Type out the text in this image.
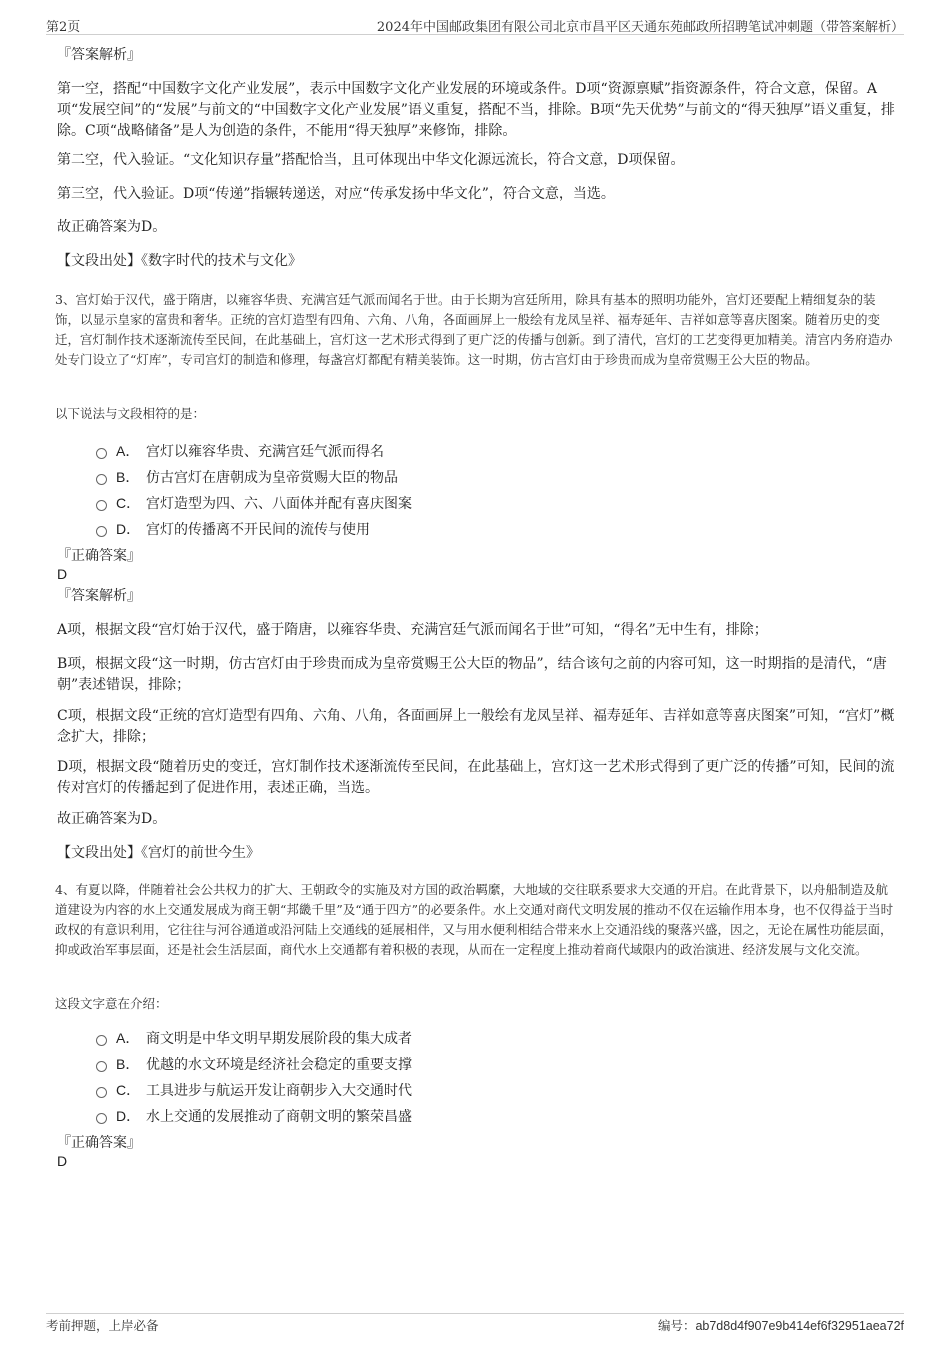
第2页	2024年中国邮政集团有限公司北京市昌平区天通东苑邮政所招聘笔试冲刺题（带答案解析）
『答案解析』
第一空，搭配“中国数字文化产业发展”，表示中国数字文化产业发展的环境或条件。D项“资源禀赋”指资源条件，符合文意，保留。A项“发展空间”的“发展”与前文的“中国数字文化产业发展”语义重复，搭配不当，排除。B项“先天优势”与前文的“得天独厚”语义重复，排除。C项“战略储备”是人为创造的条件，不能用“得天独厚”来修饰，排除。
第二空，代入验证。“文化知识存量”搭配恰当，且可体现出中华文化源远流长，符合文意，D项保留。
第三空，代入验证。D项“传递”指辗转递送，对应“传承发扬中华文化”，符合文意，当选。
故正确答案为D。
【文段出处】《数字时代的技术与文化》
3、宫灯始于汉代，盛于隋唐，以雍容华贵、充满宫廷气派而闻名于世。由于长期为宫廷所用，除具有基本的照明功能外，宫灯还要配上精细复杂的装饰，以显示皇家的富贵和奢华。正统的宫灯造型有四角、六角、八角，各面画屏上一般绘有龙凤呈祥、福寿延年、吉祥如意等喜庆图案。随着历史的变迁，宫灯制作技术逐渐流传至民间，在此基础上，宫灯这一艺术形式得到了更广泛的传播与创新。到了清代，宫灯的工艺变得更加精美。清宫内务府造办处专门设立了“灯库”，专司宫灯的制造和修理，每盏宫灯都配有精美装饰。这一时期，仿古宫灯由于珍贵而成为皇帝赏赐王公大臣的物品。
以下说法与文段相符的是：
A． 宫灯以雍容华贵、充满宫廷气派而得名
B． 仿古宫灯在唐朝成为皇帝赏赐大臣的物品
C． 宫灯造型为四、六、八面体并配有喜庆图案
D． 宫灯的传播离不开民间的流传与使用
『正确答案』
D
『答案解析』
A项，根据文段“宫灯始于汉代，盛于隋唐，以雍容华贵、充满宫廷气派而闻名于世”可知，“得名”无中生有，排除；
B项，根据文段“这一时期，仿古宫灯由于珍贵而成为皇帝赏赐王公大臣的物品”，结合该句之前的内容可知，这一时期指的是清代，“唐朝”表述错误，排除；
C项，根据文段“正统的宫灯造型有四角、六角、八角，各面画屏上一般绘有龙凤呈祥、福寿延年、吉祥如意等喜庆图案”可知，“宫灯”概念扩大，排除；
D项，根据文段“随着历史的变迁，宫灯制作技术逐渐流传至民间，在此基础上，宫灯这一艺术形式得到了更广泛的传播”可知，民间的流传对宫灯的传播起到了促进作用，表述正确，当选。
故正确答案为D。
【文段出处】《宫灯的前世今生》
4、有夏以降，伴随着社会公共权力的扩大、王朝政令的实施及对方国的政治羁縻，大地域的交往联系要求大交通的开启。在此背景下，以舟船制造及航道建设为内容的水上交通发展成为商王朝“邦畿千里”及“通于四方”的必要条件。水上交通对商代文明发展的推动不仅在运输作用本身，也不仅得益于当时政权的有意识利用，它往往与河谷通道或沿河陆上交通线的延展相伴，又与用水便利相结合带来水上交通沿线的聚落兴盛，因之，无论在属性功能层面，抑或政治军事层面，还是社会生活层面，商代水上交通都有着积极的表现，从而在一定程度上推动着商代域限内的政治演进、经济发展与文化交流。
这段文字意在介绍：
A． 商文明是中华文明早期发展阶段的集大成者
B． 优越的水文环境是经济社会稳定的重要支撑
C． 工具进步与航运开发让商朝步入大交通时代
D． 水上交通的发展推动了商朝文明的繁荣昌盛
『正确答案』
D
考前押题，上岸必备	编号：ab7d8d4f907e9b414ef6f32951aea72f
